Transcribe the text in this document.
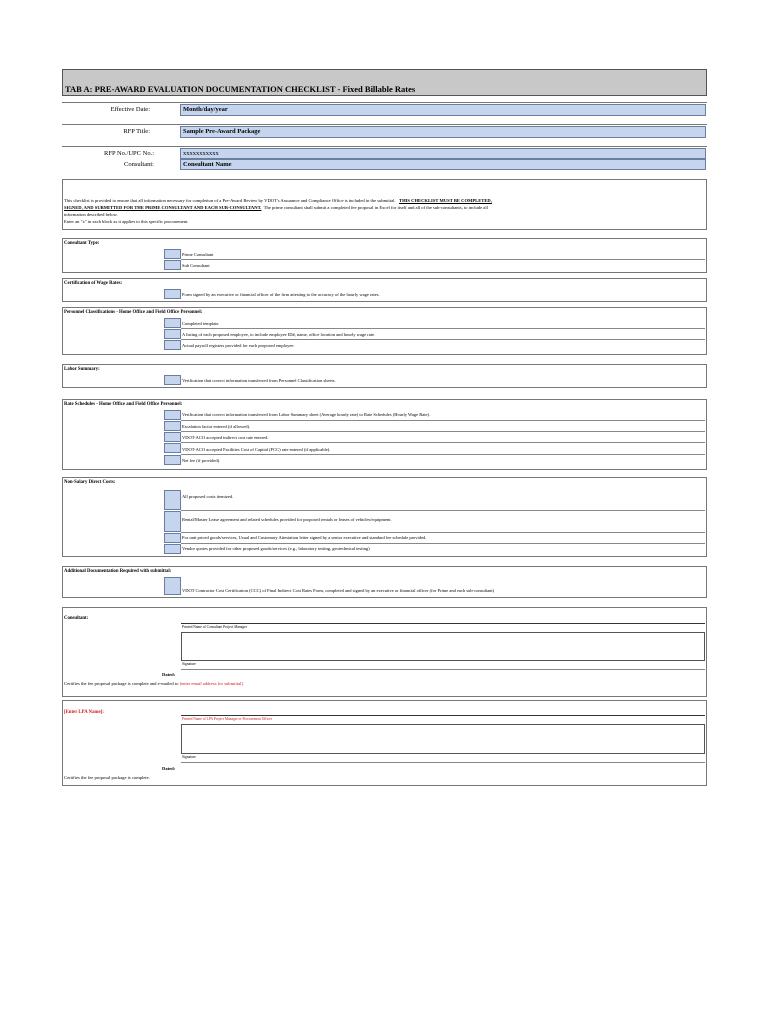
TAB A: PRE-AWARD EVALUATION DOCUMENTATION CHECKLIST - Fixed Billable Rates
Effective Date:	Month/day/year
RFP Title:	Sample Pre-Award Package
RFP No./UPC No.:	xxxxxxxxxxx
Consultant:	Consultant Name
This checklist is provided to ensure that all information necessary for completion of a Pre-Award Review by VDOT's Assurance and Compliance Office is included in the submittal. THIS CHECKLIST MUST BE COMPLETED,
SIGNED, AND SUBMITTED FOR THE PRIME CONSULTANT AND EACH SUB-CONSULTANT. The prime consultant shall submit a completed fee proposal in Excel for itself and all of the sub-consultants, to include all
information described below.
Enter an "x" in each block as it applies to this specific procurement.
Consultant Type:
Prime Consultant
Sub Consultant
Certification of Wage Rates:
Form signed by an executive or financial officer of the firm attesting to the accuracy of the hourly wage rates.
Personnel Classifications - Home Office and Field Office Personnel:
Completed template.
A listing of each proposed employee, to include employee ID#, name, office location and hourly wage rate.
Actual payroll registers provided for each proposed employee.
Labor Summary:
Verification that correct information transferred from Personnel Classification sheets.
Rate Schedules - Home Office and Field Office Personnel:
Verification that correct information transferred from Labor Summary sheet (Average hourly rate) to Rate Schedules (Hourly Wage Rate).
Escalation factor entered (if allowed).
VDOT-ACO accepted indirect cost rate entered.
VDOT-ACO accepted Facilities Cost of Capital (FCC) rate entered (if applicable).
Net fee (if provided).
Non-Salary Direct Costs:
All proposed costs itemized.
Rental/Master Lease agreement and related schedules provided for proposed rentals or leases of vehicles/equipment.
For unit priced goods/services, Usual and Customary Attestation letter signed by a senior executive and standard fee schedule provided.
Vendor quotes provided for other proposed goods/services (e.g., laboratory testing, geotechnical testing)
Additional Documentation Required with submittal:
VDOT Contractor Cost Certification (CCC) of Final Indirect Cost Rates Form, completed and signed by an executive or financial officer (for Prime and each sub-consultant)
Consultant:
Printed Name of Consultant Project Manager
Signature
Dated:
Certifies the fee proposal package is complete and e-mailed to [enter email address for submittal].
[Enter LPA Name]:
Printed Name of LPA Project Manager or Procurement Officer
Signature
Dated:
Certifies the fee proposal package is complete.
